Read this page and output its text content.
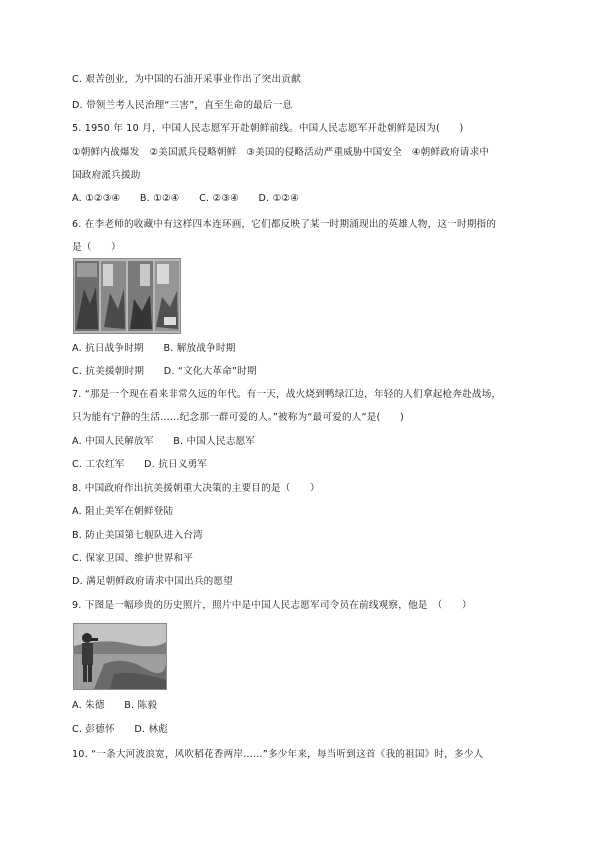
C. 艰苦创业，为中国的石油开采事业作出了突出贡献
D. 带领兰考人民治理“三害”，直至生命的最后一息
5. 1950 年 10 月，中国人民志愿军开赴朝鲜前线。中国人民志愿军开赴朝鲜是因为(　　)
①朝鲜内战爆发　②美国派兵侵略朝鲜　③美国的侵略活动严重威胁中国安全　④朝鲜政府请求中
国政府派兵援助
A. ①②③④　　B. ①②④　　C. ②③④　　D. ①②④
6. 在李老师的收藏中有这样四本连环画，它们都反映了某一时期涌现出的英雄人物，这一时期指的
是（　　）
A. 抗日战争时期　　B. 解放战争时期
C. 抗美援朝时期　　D. “文化大革命”时期
7. “那是一个现在看来非常久远的年代。有一天，战火烧到鸭绿江边，年轻的人们拿起枪奔赴战场，
只为能有宁静的生活……纪念那一群可爱的人。”被称为“最可爱的人”是(　　)
A. 中国人民解放军　　B. 中国人民志愿军
C. 工农红军　　D. 抗日义勇军
8. 中国政府作出抗美援朝重大决策的主要目的是（　　）
A. 阻止美军在朝鲜登陆
B. 防止美国第七舰队进入台湾
C. 保家卫国、维护世界和平
D. 满足朝鲜政府请求中国出兵的愿望
9. 下图是一幅珍贵的历史照片，照片中是中国人民志愿军司令员在前线观察，他是　（　　）
A. 朱德　　B. 陈毅
C. 彭德怀　　D. 林彪
10. “一条大河波浪宽，风吹稻花香两岸……”多少年来，每当听到这首《我的祖国》时，多少人
